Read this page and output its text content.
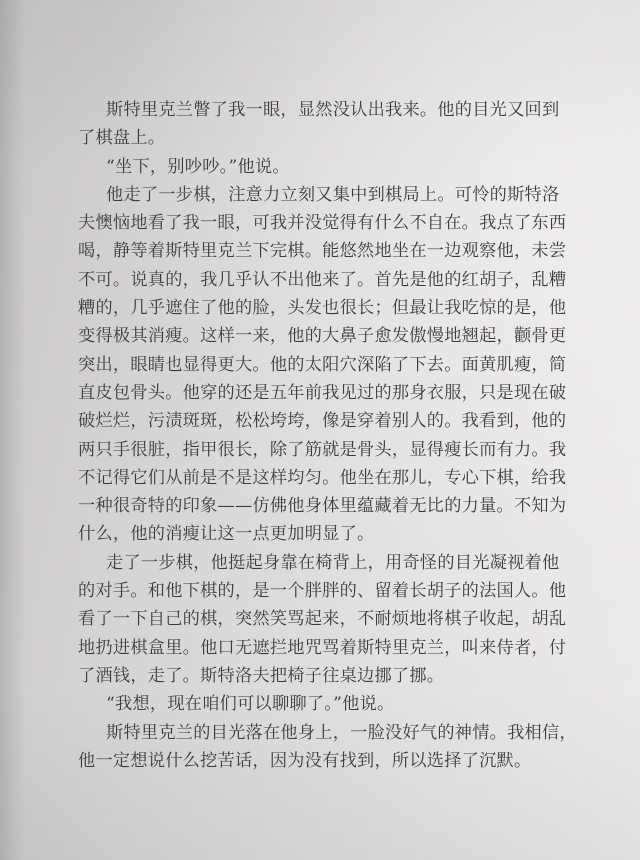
斯特里克兰瞥了我一眼，显然没认出我来。他的目光又回到
了棋盘上。
“坐下，别吵吵。”他说。
他走了一步棋，注意力立刻又集中到棋局上。可怜的斯特洛
夫懊恼地看了我一眼，可我并没觉得有什么不自在。我点了东西
喝，静等着斯特里克兰下完棋。能悠然地坐在一边观察他，未尝
不可。说真的，我几乎认不出他来了。首先是他的红胡子，乱糟
糟的，几乎遮住了他的脸，头发也很长；但最让我吃惊的是，他
变得极其消瘦。这样一来，他的大鼻子愈发傲慢地翘起，颧骨更
突出，眼睛也显得更大。他的太阳穴深陷了下去。面黄肌瘦，简
直皮包骨头。他穿的还是五年前我见过的那身衣服，只是现在破
破烂烂，污渍斑斑，松松垮垮，像是穿着别人的。我看到，他的
两只手很脏，指甲很长，除了筋就是骨头，显得瘦长而有力。我
不记得它们从前是不是这样均匀。他坐在那儿，专心下棋，给我
一种很奇特的印象——仿佛他身体里蕴藏着无比的力量。不知为
什么，他的消瘦让这一点更加明显了。
走了一步棋，他挺起身靠在椅背上，用奇怪的目光凝视着他
的对手。和他下棋的，是一个胖胖的、留着长胡子的法国人。他
看了一下自己的棋，突然笑骂起来，不耐烦地将棋子收起，胡乱
地扔进棋盒里。他口无遮拦地咒骂着斯特里克兰，叫来侍者，付
了酒钱，走了。斯特洛夫把椅子往桌边挪了挪。
“我想，现在咱们可以聊聊了。”他说。
斯特里克兰的目光落在他身上，一脸没好气的神情。我相信，
他一定想说什么挖苦话，因为没有找到，所以选择了沉默。
